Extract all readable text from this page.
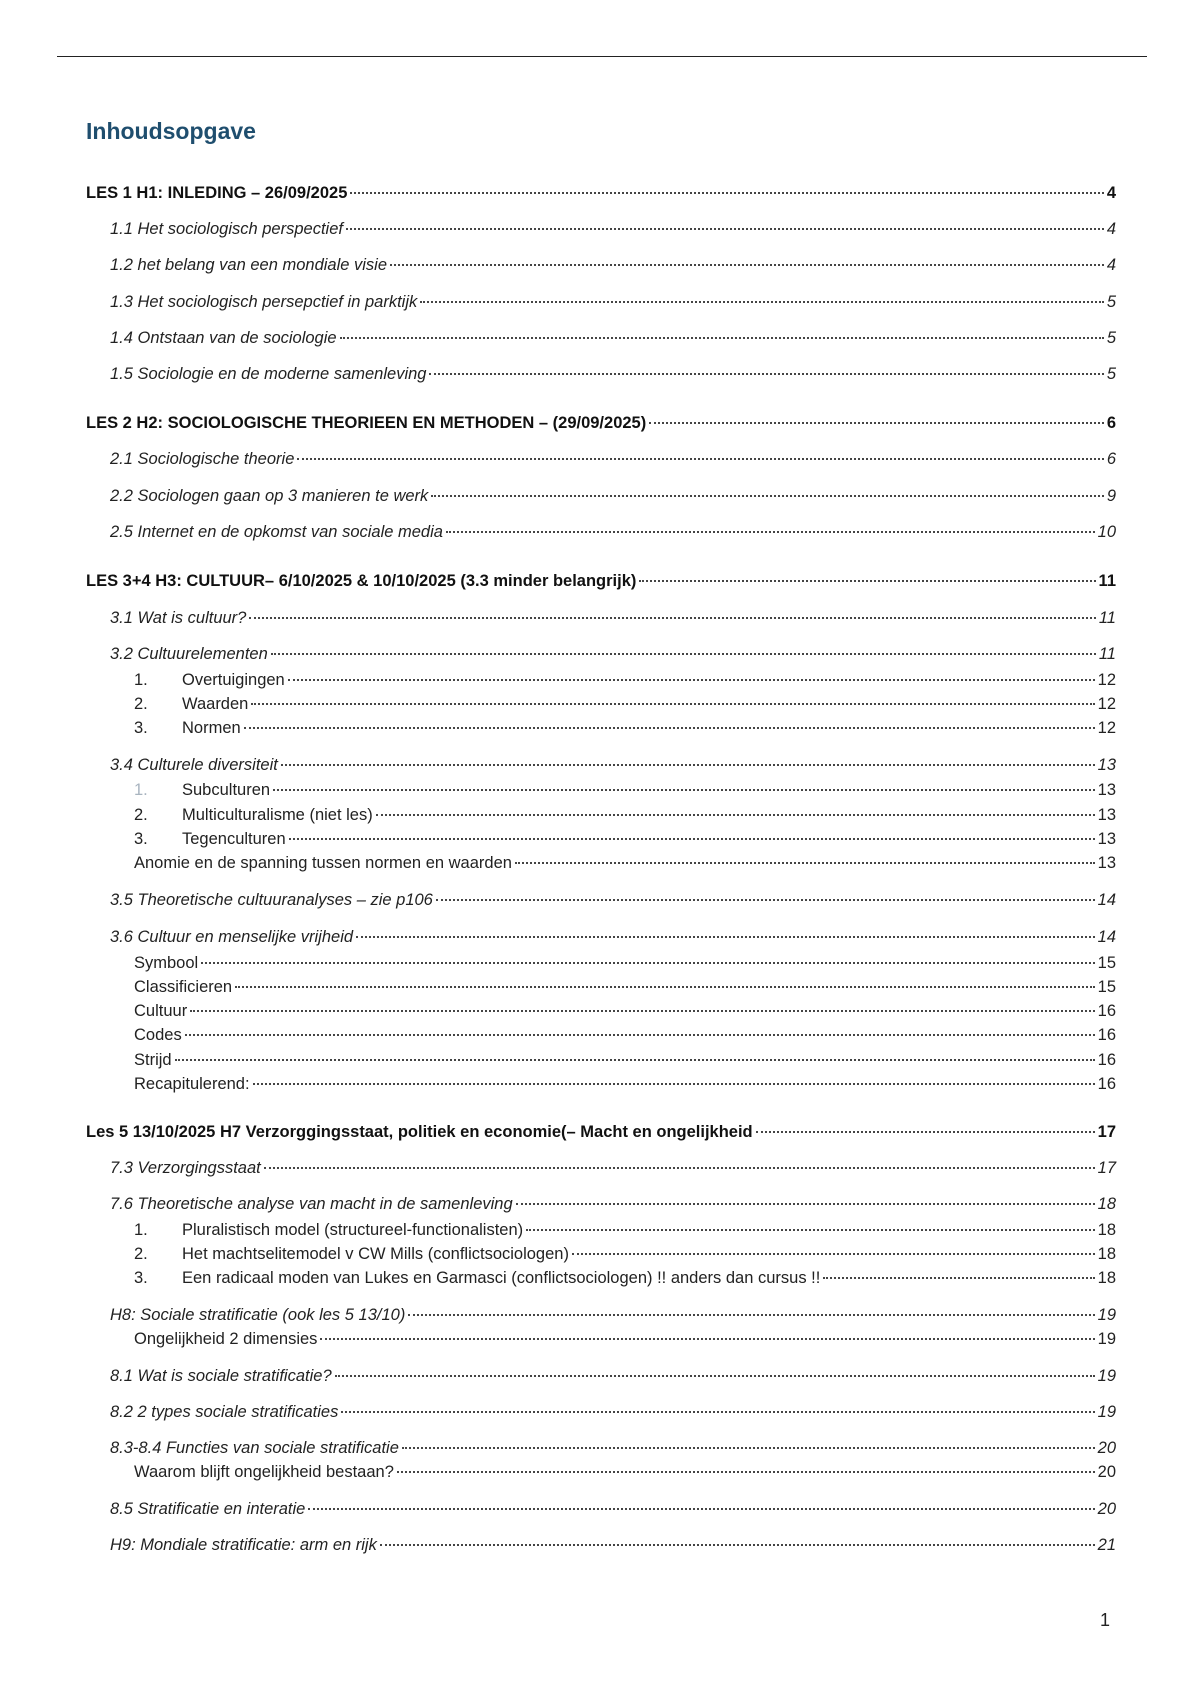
Inhoudsopgave
LES 1 H1: INLEDING – 26/09/2025	4
1.1 Het sociologisch perspectief	4
1.2 het belang van een mondiale visie	4
1.3 Het sociologisch persepctief in parktijk	5
1.4 Ontstaan van de sociologie	5
1.5 Sociologie en de moderne samenleving	5
LES 2 H2: SOCIOLOGISCHE THEORIEEN EN METHODEN – (29/09/2025)	6
2.1 Sociologische theorie	6
2.2 Sociologen gaan op 3 manieren te werk	9
2.5 Internet en de opkomst van sociale media	10
LES 3+4 H3: CULTUUR– 6/10/2025 & 10/10/2025 (3.3 minder belangrijk)	11
3.1 Wat is cultuur?	11
3.2 Cultuurelementen	11
1. Overtuigingen	12
2. Waarden	12
3. Normen	12
3.4 Culturele diversiteit	13
1. Subculturen	13
2. Multiculturalisme (niet les)	13
3. Tegenculturen	13
Anomie en de spanning tussen normen en waarden	13
3.5 Theoretische cultuuranalyses – zie p106	14
3.6 Cultuur en menselijke vrijheid	14
Symbool	15
Classificieren	15
Cultuur	16
Codes	16
Strijd	16
Recapitulerend:	16
Les 5 13/10/2025 H7 Verzorggingsstaat, politiek en economie(– Macht en ongelijkheid	17
7.3 Verzorgingsstaat	17
7.6 Theoretische analyse van macht in de samenleving	18
1. Pluralistisch model (structureel-functionalisten)	18
2. Het machtselitemodel v CW Mills (conflictsociologen)	18
3. Een radicaal moden van Lukes en Garmasci (conflictsociologen) !! anders dan cursus !!	18
H8: Sociale stratificatie (ook les 5 13/10)	19
Ongelijkheid 2 dimensies	19
8.1 Wat is sociale stratificatie?	19
8.2 2 types sociale stratificaties	19
8.3-8.4 Functies van sociale stratificatie	20
Waarom blijft ongelijkheid bestaan?	20
8.5 Stratificatie en interatie	20
H9: Mondiale stratificatie: arm en rijk	21
1
